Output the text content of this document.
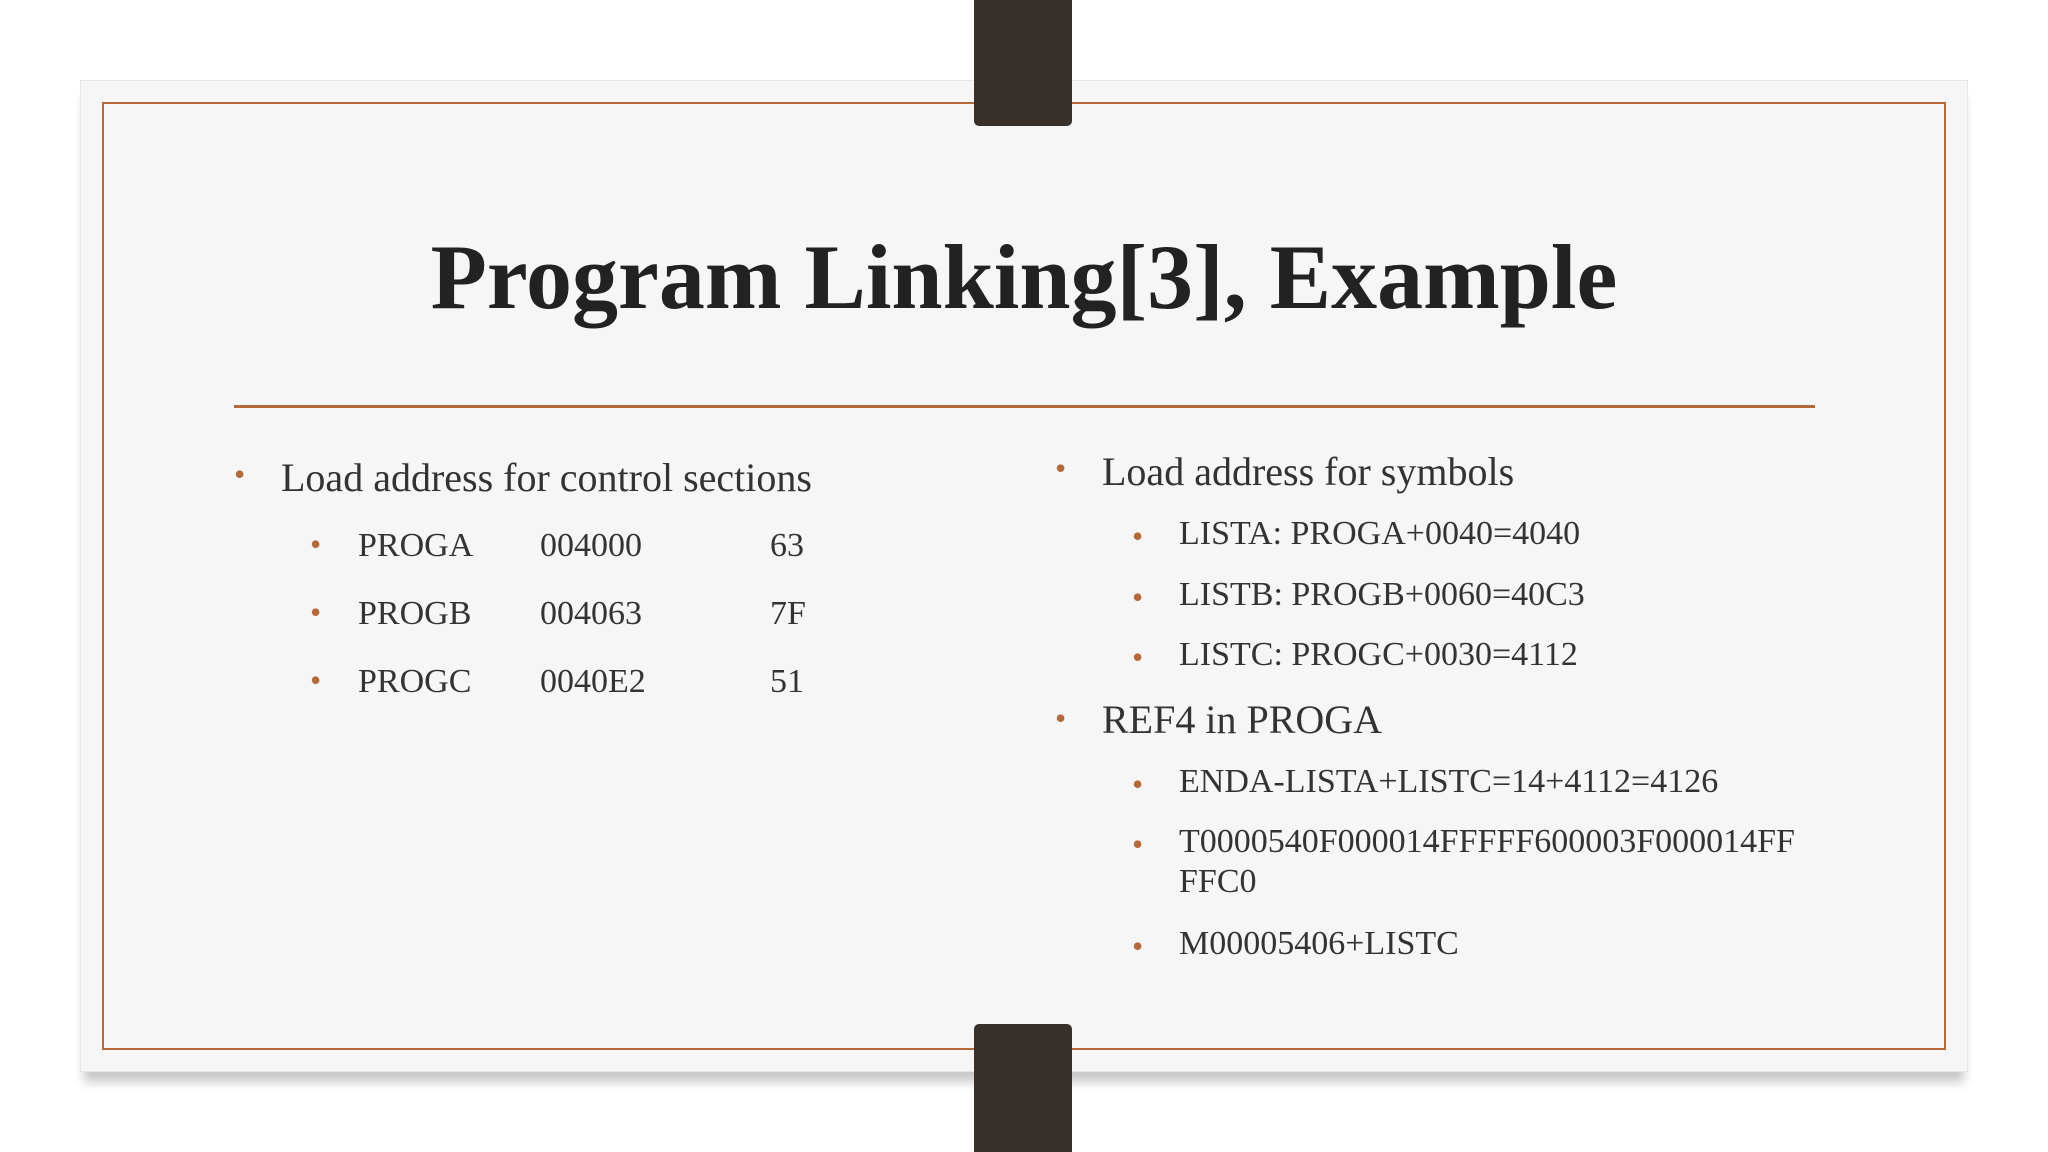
Program Linking[3], Example
• Load address for control sections
• PROGA 004000	63
• PROGB 004063	7F
• PROGC 0040E2	51
• Load address for symbols
• LISTA: PROGA+0040=4040
• LISTB: PROGB+0060=40C3
• LISTC: PROGC+0030=4112
• REF4 in PROGA
• ENDA-LISTA+LISTC=14+4112=4126
• T0000540F000014FFFFF600003F000014FF
FFC0
• M00005406+LISTC
